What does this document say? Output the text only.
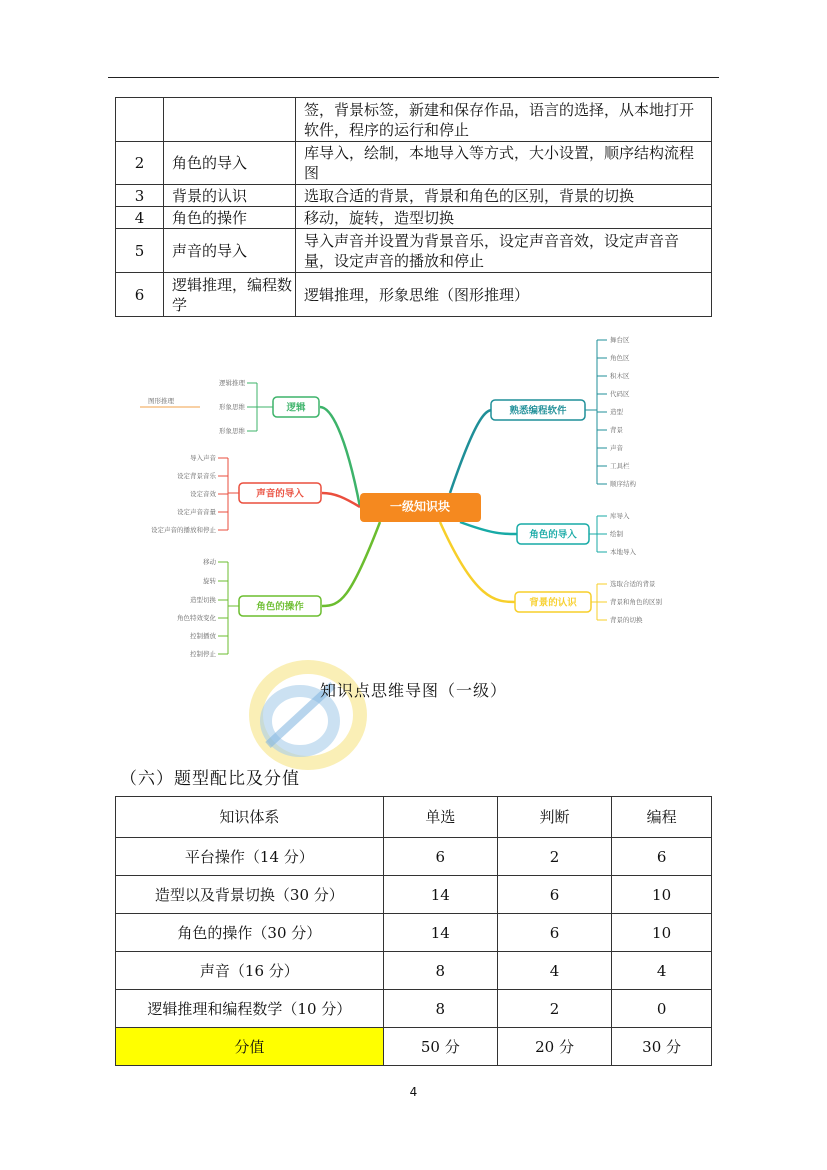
		签，背景标签，新建和保存作品，语言的选择，从本地打开软件，程序的运行和停止
2	角色的导入	库导入，绘制，本地导入等方式，大小设置，顺序结构流程图
3	背景的认识	选取合适的背景，背景和角色的区别，背景的切换
4	角色的操作	移动，旋转，造型切换
5	声音的导入	导入声音并设置为背景音乐，设定声音音效，设定声音音量，设定声音的播放和停止
6	逻辑推理，编程数学	逻辑推理，形象思维（图形推理）
一级知识块
逻辑
逻辑推理
形象思维
形象思维
声音的导入
导入声音
设定背景音乐
设定音效
设定声音音量
设定声音的播放和停止
角色的操作
移动
旋转
造型切换
角色特效变化
控制播放
控制停止
熟悉编程软件
舞台区
角色区
积木区
代码区
造型
背景
声音
工具栏
顺序结构
角色的导入
库导入
绘制
本地导入
背景的认识
选取合适的背景
背景和角色的区别
背景的切换
图形推理
知识点思维导图（一级）
（六）题型配比及分值
知识体系	单选	判断	编程
平台操作（14 分）	6	2	6
造型以及背景切换（30 分）	14	6	10
角色的操作（30 分）	14	6	10
声音（16 分）	8	4	4
逻辑推理和编程数学（10 分）	8	2	0
分值	50 分	20 分	30 分
4
